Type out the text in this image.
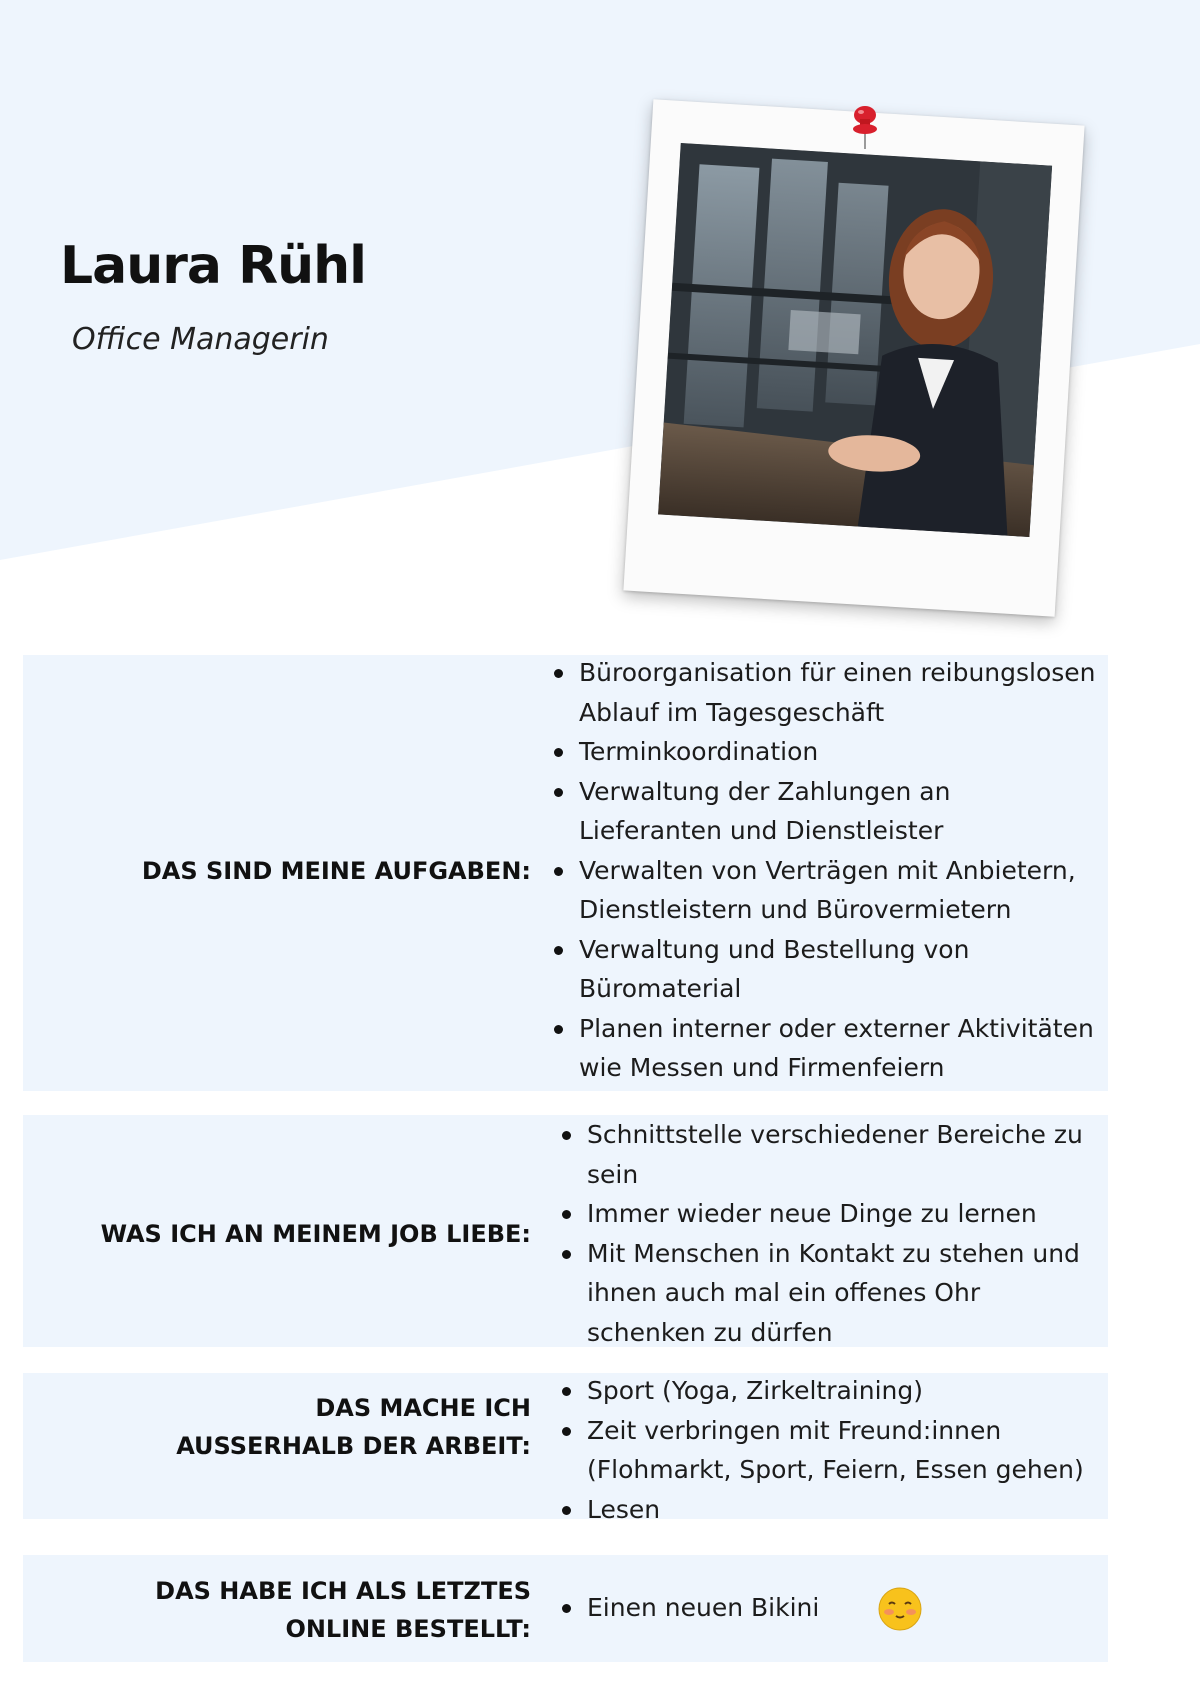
Laura Rühl

Office Managerin

DAS SIND MEINE AUFGABEN:
Büroorganisation für einen reibungslosen Ablauf im Tagesgeschäft
Terminkoordination
Verwaltung der Zahlungen an Lieferanten und Dienstleister
Verwalten von Verträgen mit Anbietern, Dienstleistern und Bürovermietern
Verwaltung und Bestellung von Büromaterial
Planen interner oder externer Aktivitäten wie Messen und Firmenfeiern
WAS ICH AN MEINEM JOB LIEBE:
Schnittstelle verschiedener Bereiche zu sein
Immer wieder neue Dinge zu lernen
Mit Menschen in Kontakt zu stehen und ihnen auch mal ein offenes Ohr schenken zu dürfen
DAS MACHE ICH
AUSSERHALB DER ARBEIT:
Sport (Yoga, Zirkeltraining)
Zeit verbringen mit Freund:innen (Flohmarkt, Sport, Feiern, Essen gehen)
Lesen
DAS HABE ICH ALS LETZTES
ONLINE BESTELLT:
Einen neuen Bikini
